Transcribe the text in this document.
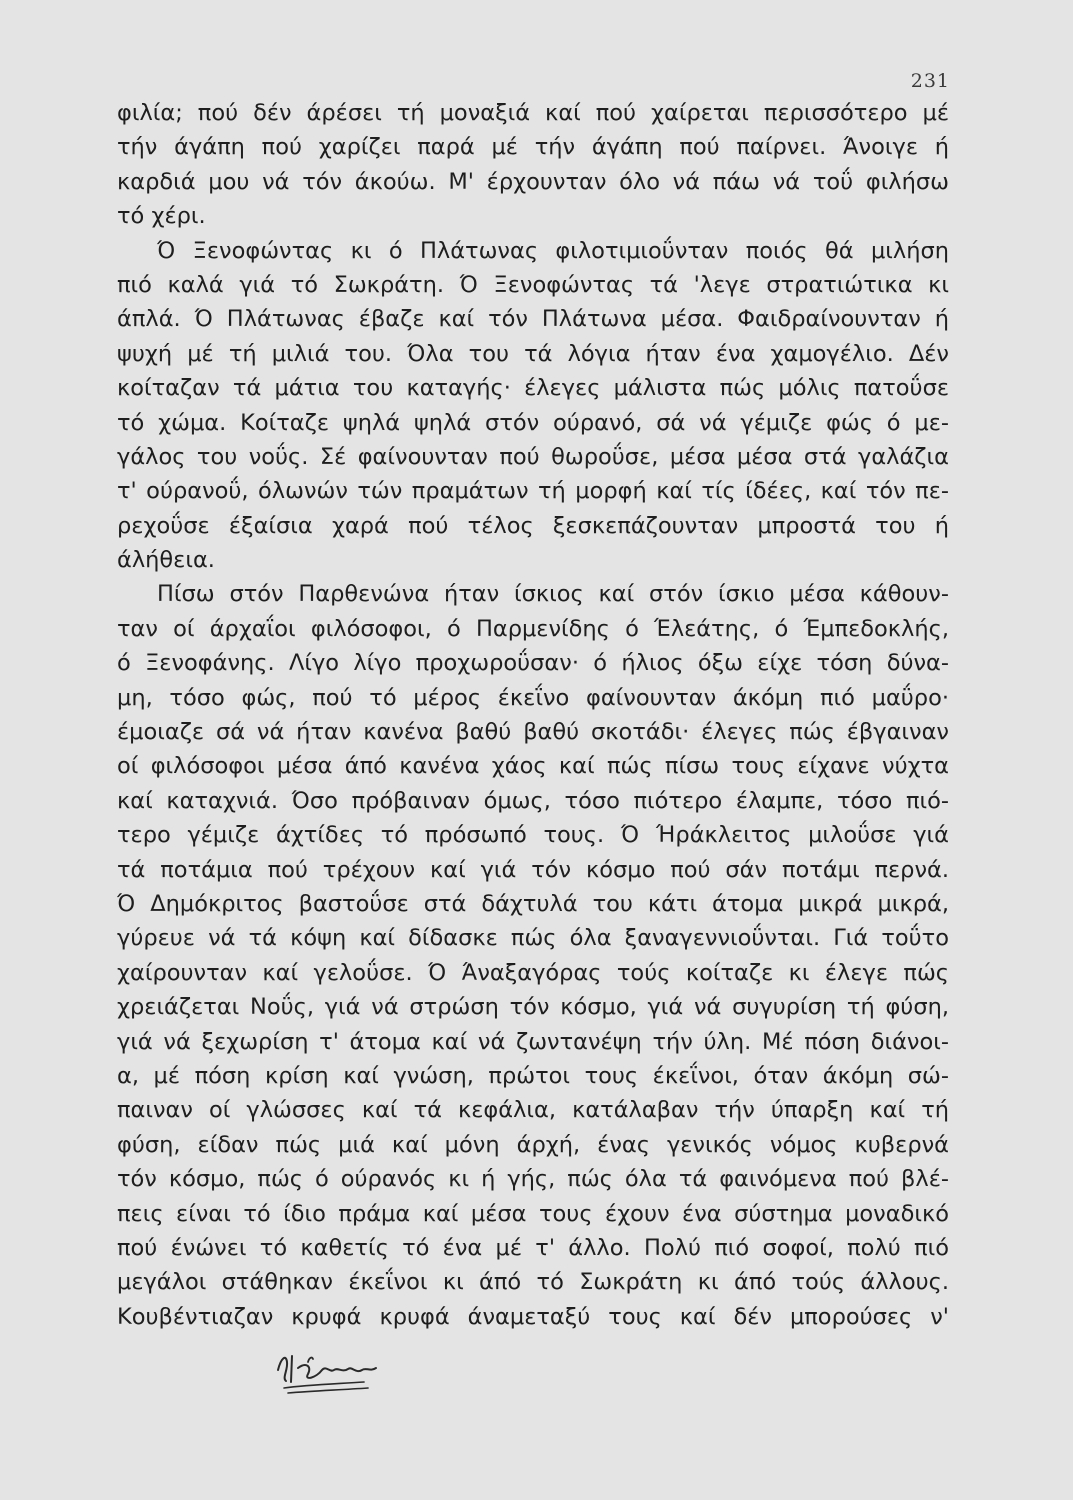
231
φιλία; πού δέν άρέσει τή μοναξιά καί πού χαίρεται περισσότερο μέ
τήν άγάπη πού χαρίζει παρά μέ τήν άγάπη πού παίρνει. Άνοιγε ή
καρδιά μου νά τόν άκούω. Μ' έρχουνταν όλο νά πάω νά τοΰ φιλήσω
τό χέρι.
Ό Ξενοφώντας κι ό Πλάτωνας φιλοτιμιοΰνταν ποιός θά μιλήση
πιό καλά γιά τό Σωκράτη. Ό Ξενοφώντας τά 'λεγε στρατιώτικα κι
άπλά. Ό Πλάτωνας έβαζε καί τόν Πλάτωνα μέσα. Φαιδραίνουνταν ή
ψυχή μέ τή μιλιά του. Όλα του τά λόγια ήταν ένα χαμογέλιο. Δέν
κοίταζαν τά μάτια του καταγής· έλεγες μάλιστα πώς μόλις πατοΰσε
τό χώμα. Κοίταζε ψηλά ψηλά στόν ούρανό, σά νά γέμιζε φώς ό με-
γάλος του νοΰς. Σέ φαίνουνταν πού θωροΰσε, μέσα μέσα στά γαλάζια
τ' ούρανοΰ, όλωνών τών πραμάτων τή μορφή καί τίς ίδέες, καί τόν πε-
ρεχοΰσε έξαίσια χαρά πού τέλος ξεσκεπάζουνταν μπροστά του ή
άλήθεια.
Πίσω στόν Παρθενώνα ήταν ίσκιος καί στόν ίσκιο μέσα κάθουν-
ταν οί άρχαΐοι φιλόσοφοι, ό Παρμενίδης ό Έλεάτης, ό Έμπεδοκλής,
ό Ξενοφάνης. Λίγο λίγο προχωροΰσαν· ό ήλιος όξω είχε τόση δύνα-
μη, τόσο φώς, πού τό μέρος έκεΐνο φαίνουνταν άκόμη πιό μαΰρο·
έμοιαζε σά νά ήταν κανένα βαθύ βαθύ σκοτάδι· έλεγες πώς έβγαιναν
οί φιλόσοφοι μέσα άπό κανένα χάος καί πώς πίσω τους είχανε νύχτα
καί καταχνιά. Όσο πρόβαιναν όμως, τόσο πιότερο έλαμπε, τόσο πιό-
τερο γέμιζε άχτίδες τό πρόσωπό τους. Ό Ήράκλειτος μιλοΰσε γιά
τά ποτάμια πού τρέχουν καί γιά τόν κόσμο πού σάν ποτάμι περνά.
Ό Δημόκριτος βαστοΰσε στά δάχτυλά του κάτι άτομα μικρά μικρά,
γύρευε νά τά κόψη καί δίδασκε πώς όλα ξαναγεννιοΰνται. Γιά τοΰτο
χαίρουνταν καί γελοΰσε. Ό Άναξαγόρας τούς κοίταζε κι έλεγε πώς
χρειάζεται Νοΰς, γιά νά στρώση τόν κόσμο, γιά νά συγυρίση τή φύση,
γιά νά ξεχωρίση τ' άτομα καί νά ζωντανέψη τήν ύλη. Μέ πόση διάνοι-
α, μέ πόση κρίση καί γνώση, πρώτοι τους έκεΐνοι, όταν άκόμη σώ-
παιναν οί γλώσσες καί τά κεφάλια, κατάλαβαν τήν ύπαρξη καί τή
φύση, είδαν πώς μιά καί μόνη άρχή, ένας γενικός νόμος κυβερνά
τόν κόσμο, πώς ό ούρανός κι ή γής, πώς όλα τά φαινόμενα πού βλέ-
πεις είναι τό ίδιο πράμα καί μέσα τους έχουν ένα σύστημα μοναδικό
πού ένώνει τό καθετίς τό ένα μέ τ' άλλο. Πολύ πιό σοφοί, πολύ πιό
μεγάλοι στάθηκαν έκεΐνοι κι άπό τό Σωκράτη κι άπό τούς άλλους.
Κουβέντιαζαν κρυφά κρυφά άναμεταξύ τους καί δέν μπορούσες ν'
